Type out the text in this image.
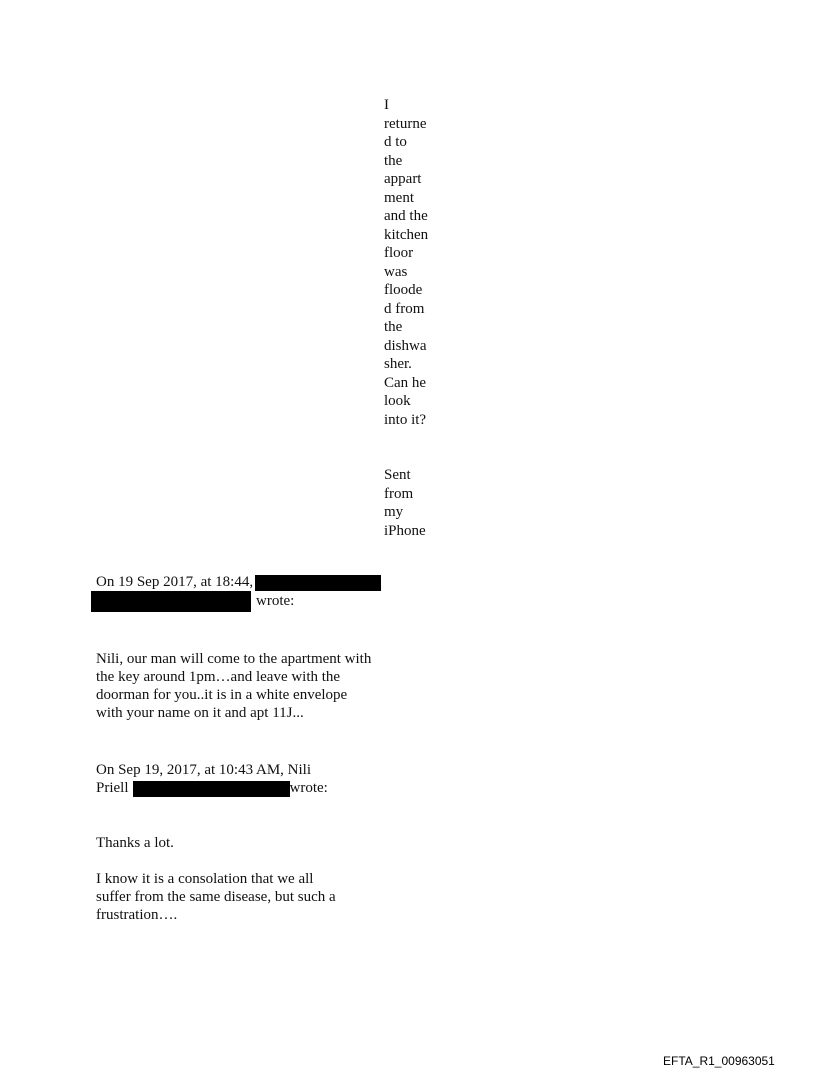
I
returne
d to
the
appart
ment
and the
kitchen
floor
was
floode
d from
the
dishwa
sher.
Can he
look
into it?
Sent
from
my
iPhone
On 19 Sep 2017, at 18:44,
wrote:
Nili, our man will come to the apartment with
the key around 1pm…and leave with the
doorman for you..it is in a white envelope
with your name on it and apt 11J...
On Sep 19, 2017, at 10:43 AM, Nili
Priell	wrote:
Thanks a lot.
I know it is a consolation that we all
suffer from the same disease, but such a
frustration….
EFTA_R1_00963051
